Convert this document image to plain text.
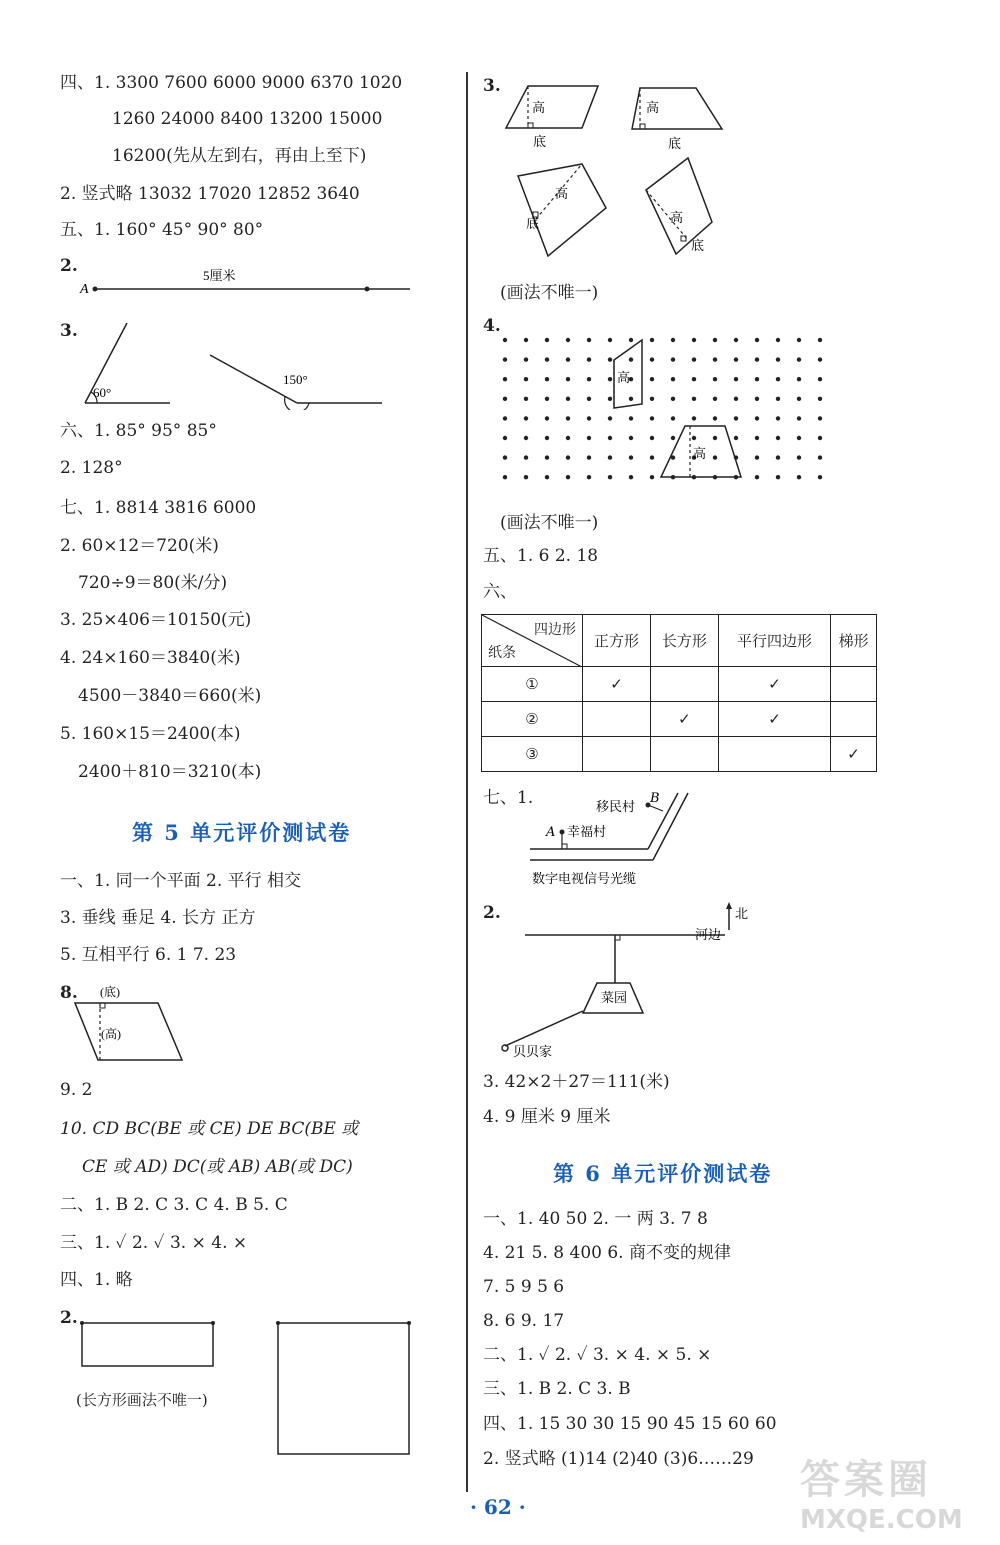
四、1. 3300 7600 6000 9000 6370 1020
1260 24000 8400 13200 15000
16200(先从左到右，再由上至下)
2. 竖式略 13032 17020 12852 3640
五、1. 160° 45° 90° 80°
2.
A
5厘米
3.
60°
150°
六、1. 85° 95° 85°
2. 128°
七、1. 8814 3816 6000
2. 60×12＝720(米)
720÷9＝80(米/分)
3. 25×406＝10150(元)
4. 24×160＝3840(米)
4500－3840＝660(米)
5. 160×15＝2400(本)
2400＋810＝3210(本)
第 5 单元评价测试卷
一、1. 同一个平面 2. 平行 相交
3. 垂线 垂足 4. 长方 正方
5. 互相平行 6. 1 7. 23
8. (底)
(高)
9. 2
10. CD BC(BE 或 CE) DE BC(BE 或
CE 或 AD) DC(或 AB) AB(或 DC)
二、1. B 2. C 3. C 4. B 5. C
三、1. ✓ 2. ✓ 3. × 4. ×
四、1. 略
2.
(长方形画法不唯一)
3.
高
底
高
底
高
底	高
底
(画法不唯一)
4.
高
高
(画法不唯一)
五、1. 6 2. 18
六、
四边形
纸条	正方形	长方形	平行四边形	梯形
①	✓		✓	
②		✓	✓	
③				✓
七、1.	移民村
B
A 幸福村
数字电视信号光缆
2.	北
河边
菜园
贝贝家
3. 42×2＋27＝111(米)
4. 9 厘米 9 厘米
第 6 单元评价测试卷
一、1. 40 50 2. 一 两 3. 7 8
4. 21 5. 8 400 6. 商不变的规律
7. 5 9 5 6
8. 6 9. 17
二、1. ✓ 2. ✓ 3. × 4. × 5. ×
三、1. B 2. C 3. B
四、1. 15 30 30 15 90 45 15 60 60
2. 竖式略 (1)14 (2)40 (3)6……29
· 62 ·
答案圈
MXQE.COM
